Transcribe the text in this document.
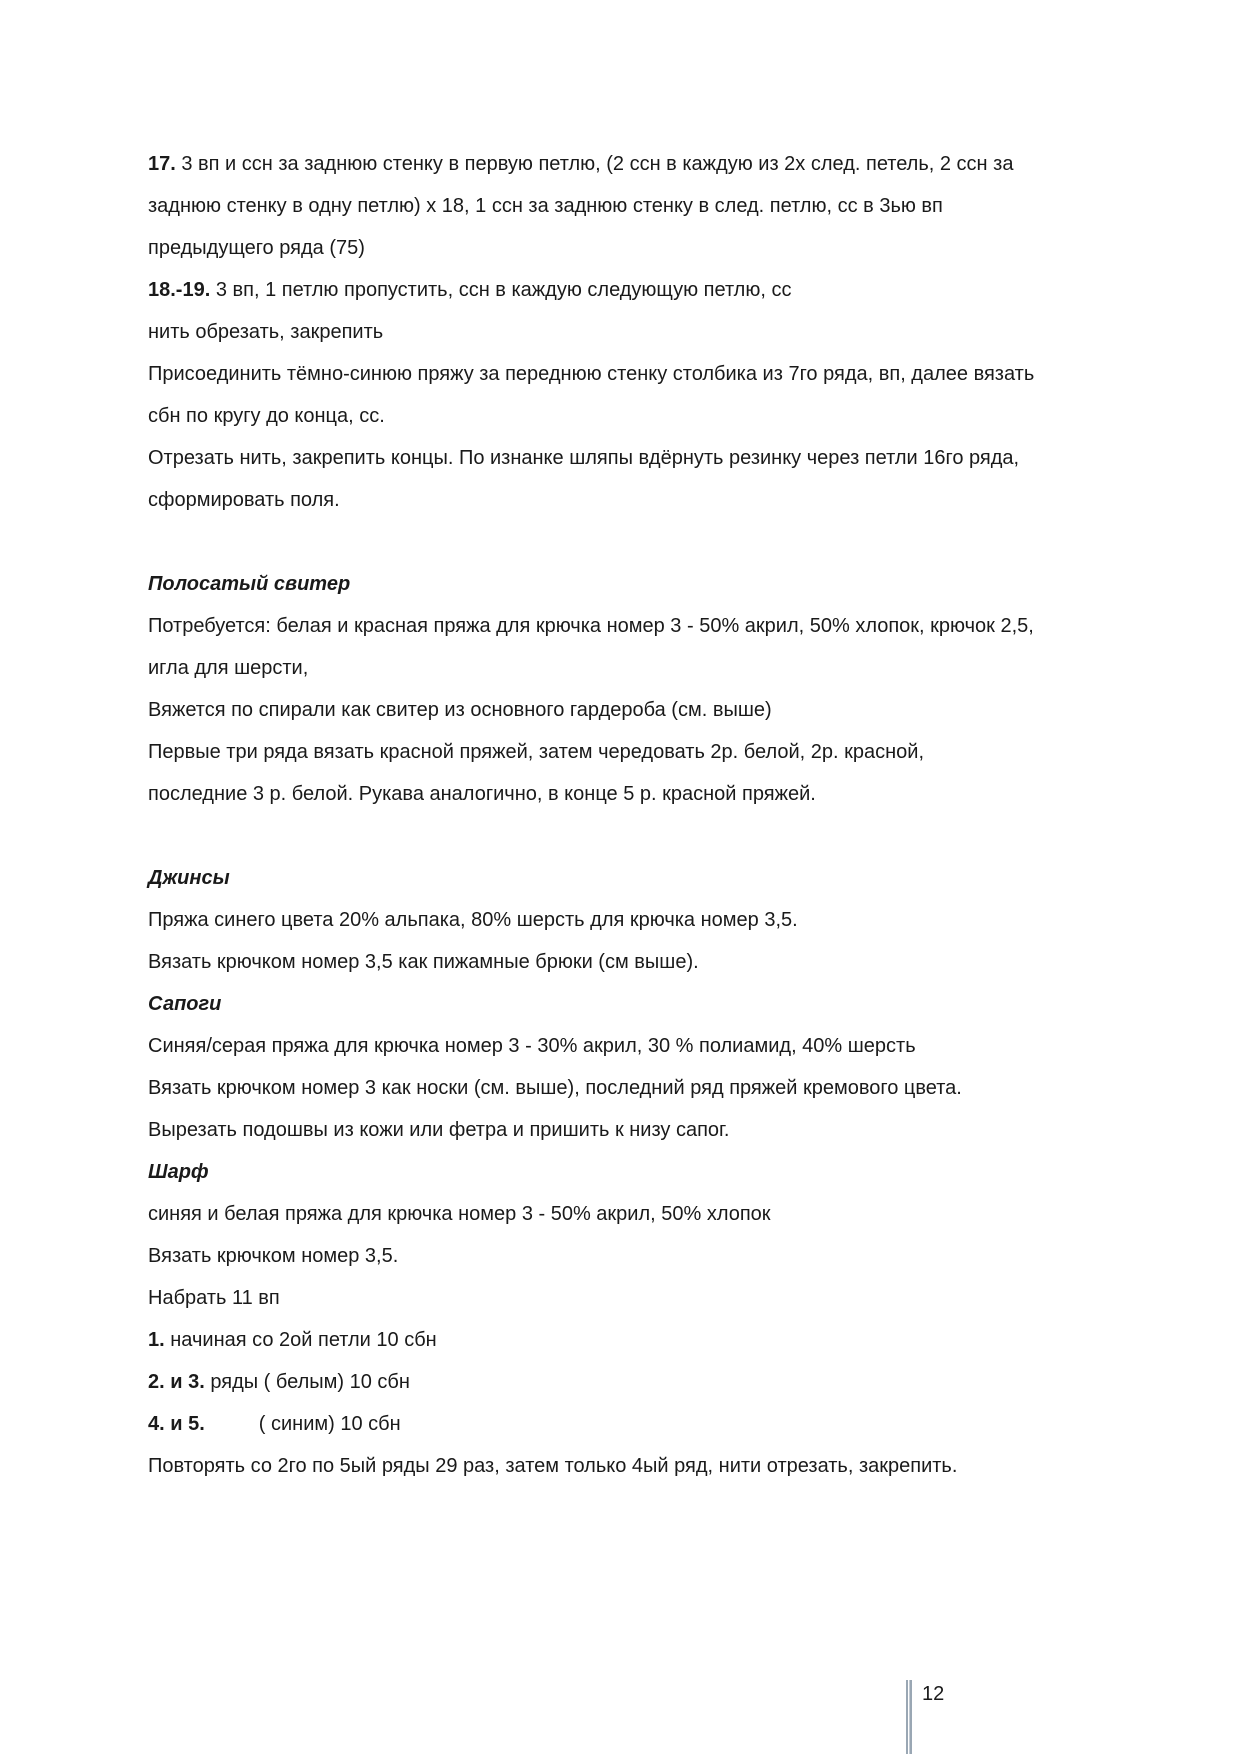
17. 3 вп и ссн за заднюю стенку в первую петлю, (2 ссн в каждую из 2х след. петель, 2 ссн за

заднюю стенку в одну петлю) х 18, 1 ссн за заднюю стенку в след. петлю, сс в 3ью вп

предыдущего ряда (75)

18.-19. 3 вп, 1 петлю пропустить, ссн в каждую следующую петлю, сс

нить обрезать, закрепить

Присоединить тёмно-синюю пряжу за переднюю стенку столбика из 7го ряда, вп, далее вязать

сбн по кругу до конца, сс.

Отрезать нить, закрепить концы. По изнанке шляпы вдёрнуть резинку через петли 16го ряда,

сформировать поля.

Полосатый свитер

Потребуется: белая и красная пряжа для крючка номер 3 - 50% акрил, 50% хлопок, крючок 2,5,

игла для шерсти,

Вяжется по спирали как свитер из основного гардероба (см. выше)

Первые три ряда вязать красной пряжей, затем чередовать 2р. белой, 2р. красной,

последние 3 р. белой. Рукава аналогично, в конце 5 р. красной пряжей.

Джинсы

Пряжа синего цвета 20% альпака, 80% шерсть для крючка номер 3,5.

Вязать крючком номер 3,5 как пижамные брюки (см выше).

Сапоги

Синяя/серая пряжа для крючка номер 3 - 30% акрил, 30 % полиамид, 40% шерсть

Вязать крючком номер 3 как носки (см. выше), последний ряд пряжей кремового цвета.

Вырезать подошвы из кожи или фетра и пришить к низу сапог.

Шарф

синяя и белая пряжа для крючка номер 3 - 50% акрил, 50% хлопок

Вязать крючком номер 3,5.

Набрать 11 вп

1. начиная со 2ой петли 10 сбн

2. и 3. ряды ( белым) 10 сбн

4. и 5.	( синим) 10 сбн

Повторять со 2го по 5ый ряды 29 раз, затем только 4ый ряд, нити отрезать, закрепить.

12
